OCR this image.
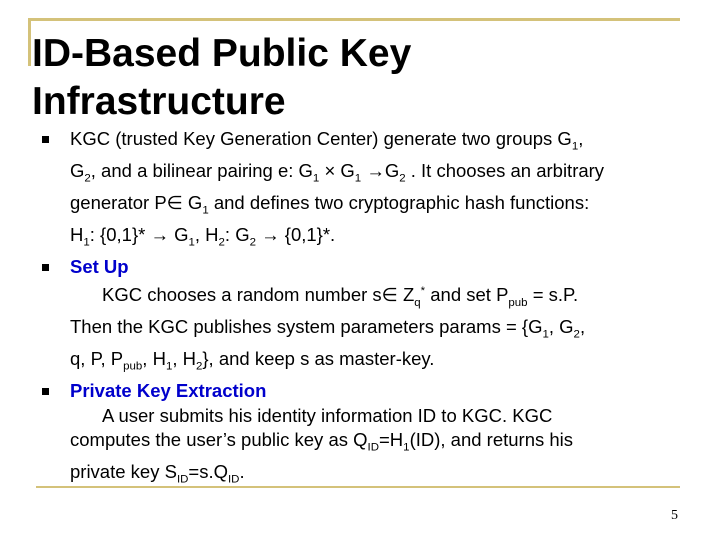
ID-Based Public Key
Infrastructure
KGC (trusted Key Generation Center) generate two groups $G_1$,
$G_2$, and a bilinear pairing e: $G_1 \times G_1 \to G_2$ . It chooses an arbitrary
generator P∈ $G_1$ and defines two cryptographic hash functions:
$H_1$: $\{0,1\}* \to G_1$, $H_2$: $G_2 \to \{0,1\}*$.
Set Up
KGC chooses a random number s∈ $Z_q^*$ and set $P_{pub} = s.P$.
Then the KGC publishes system parameters params = {$G_1$, $G_2$,
q, P, $P_{pub}$, $H_1$, $H_2$}, and keep s as master-key.
Private Key Extraction
A user submits his identity information ID to KGC. KGC
computes the user’s public key as $Q_{ID}=H_1(ID)$, and returns his
private key $S_{ID}=s.Q_{ID}$.
5
